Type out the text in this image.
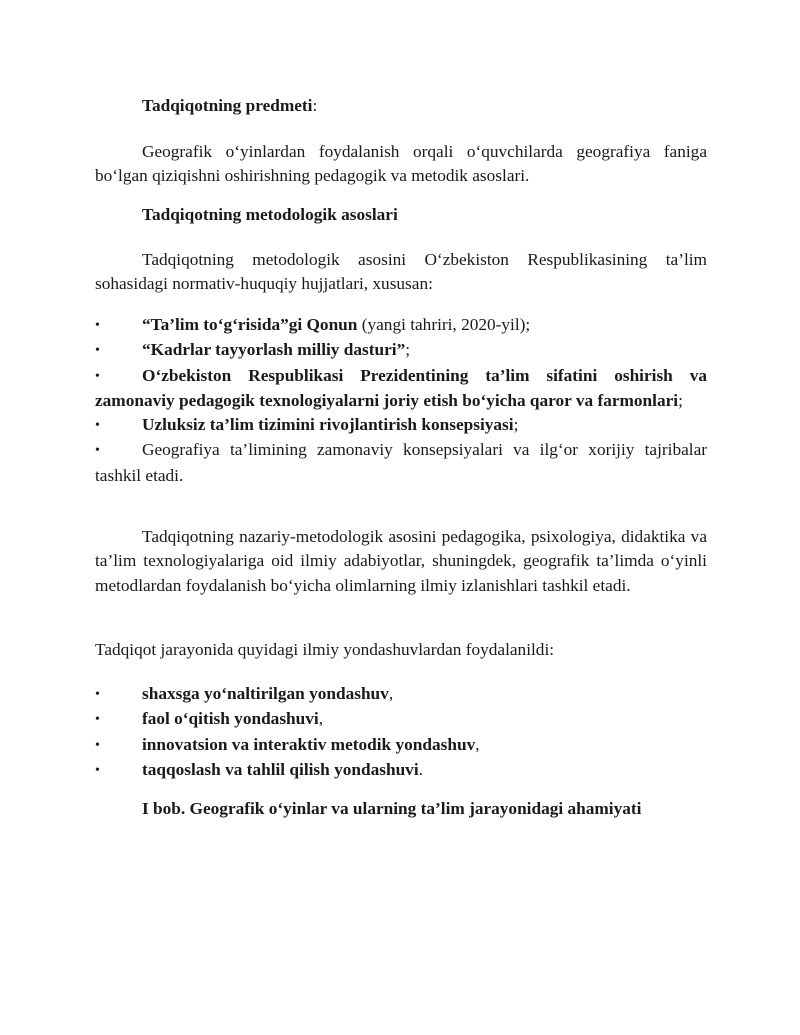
Tadqiqotning predmeti:

Geografik o‘yinlardan foydalanish orqali o‘quvchilarda geografiya faniga bo‘lgan qiziqishni oshirishning pedagogik va metodik asoslari.

Tadqiqotning metodologik asoslari

Tadqiqotning metodologik asosini O‘zbekiston Respublikasining ta’lim sohasidagi normativ-huquqiy hujjatlari, xususan:

• “Ta’lim to‘g‘risida”gi Qonun (yangi tahriri, 2020-yil);
• “Kadrlar tayyorlash milliy dasturi”;
• O‘zbekiston Respublikasi Prezidentining ta’lim sifatini oshirish va zamonaviy pedagogik texnologiyalarni joriy etish bo‘yicha qaror va farmonlari;
• Uzluksiz ta’lim tizimini rivojlantirish konsepsiyasi;
• Geografiya ta’limining zamonaviy konsepsiyalari va ilg‘or xorijiy tajribalar tashkil etadi.

Tadqiqotning nazariy-metodologik asosini pedagogika, psixologiya, didaktika va ta’lim texnologiyalariga oid ilmiy adabiyotlar, shuningdek, geografik ta’limda o‘yinli metodlardan foydalanish bo‘yicha olimlarning ilmiy izlanishlari tashkil etadi.

Tadqiqot jarayonida quyidagi ilmiy yondashuvlardan foydalanildi:

• shaxsga yo‘naltirilgan yondashuv,
• faol o‘qitish yondashuvi,
• innovatsion va interaktiv metodik yondashuv,
• taqqoslash va tahlil qilish yondashuvi.

I bob. Geografik o‘yinlar va ularning ta’lim jarayonidagi ahamiyati
